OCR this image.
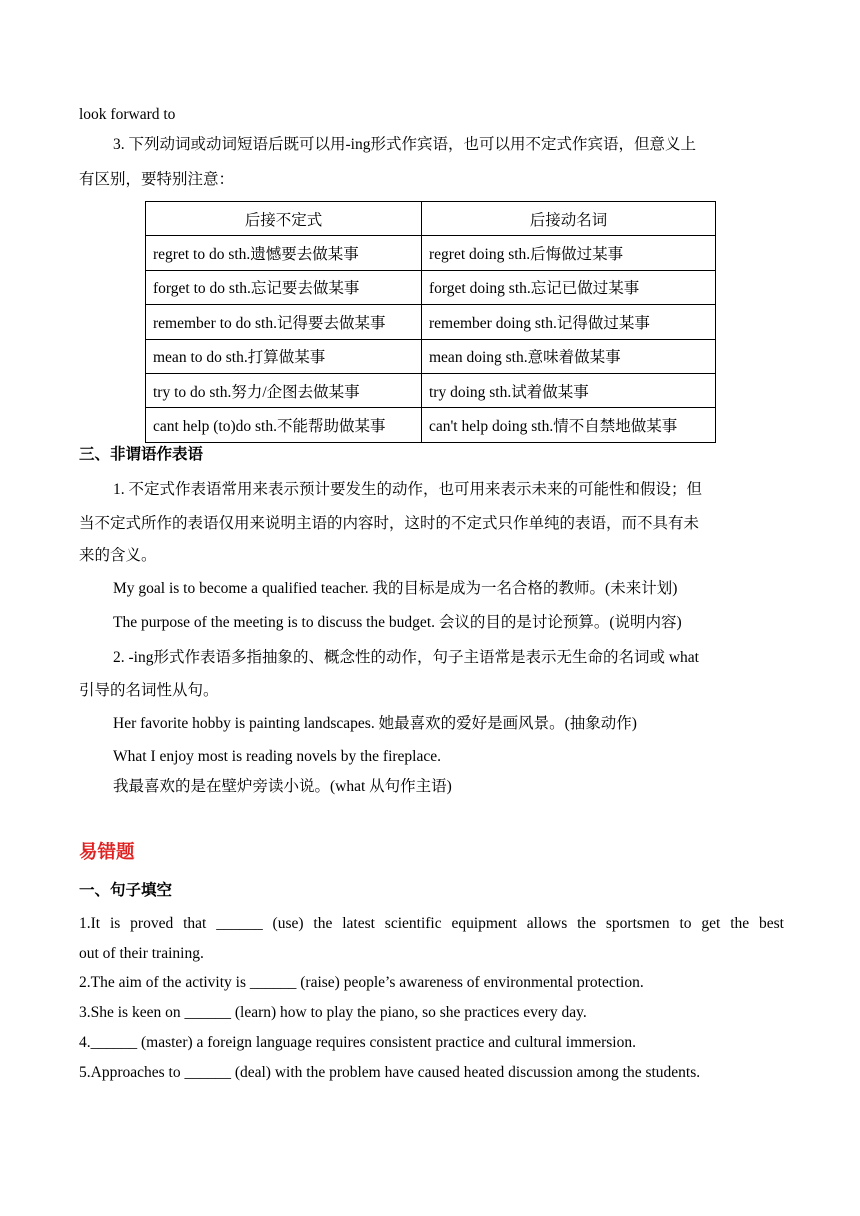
look forward to
3. 下列动词或动词短语后既可以用-ing形式作宾语，也可以用不定式作宾语，但意义上
有区别，要特别注意：
后接不定式	后接动名词
regret to do sth.遗憾要去做某事	regret doing sth.后悔做过某事
forget to do sth.忘记要去做某事	forget doing sth.忘记已做过某事
remember to do sth.记得要去做某事	remember doing sth.记得做过某事
mean to do sth.打算做某事	mean doing sth.意味着做某事
try to do sth.努力/企图去做某事	try doing sth.试着做某事
cant help (to)do sth.不能帮助做某事	can't help doing sth.情不自禁地做某事
三、非谓语作表语
1. 不定式作表语常用来表示预计要发生的动作，也可用来表示未来的可能性和假设；但
当不定式所作的表语仅用来说明主语的内容时，这时的不定式只作单纯的表语，而不具有未
来的含义。
My goal is to become a qualified teacher. 我的目标是成为一名合格的教师。(未来计划)
The purpose of the meeting is to discuss the budget. 会议的目的是讨论预算。(说明内容)
2. -ing形式作表语多指抽象的、概念性的动作，句子主语常是表示无生命的名词或 what
引导的名词性从句。
Her favorite hobby is painting landscapes. 她最喜欢的爱好是画风景。(抽象动作)
What I enjoy most is reading novels by the fireplace.
我最喜欢的是在壁炉旁读小说。(what 从句作主语)
易错题
一、句子填空
1.It is proved that ______ (use) the latest scientific equipment allows the sportsmen to get the best
out of their training.
2.The aim of the activity is ______ (raise) people’s awareness of environmental protection.
3.She is keen on ______ (learn) how to play the piano, so she practices every day.
4.______ (master) a foreign language requires consistent practice and cultural immersion.
5.Approaches to ______ (deal) with the problem have caused heated discussion among the students.
